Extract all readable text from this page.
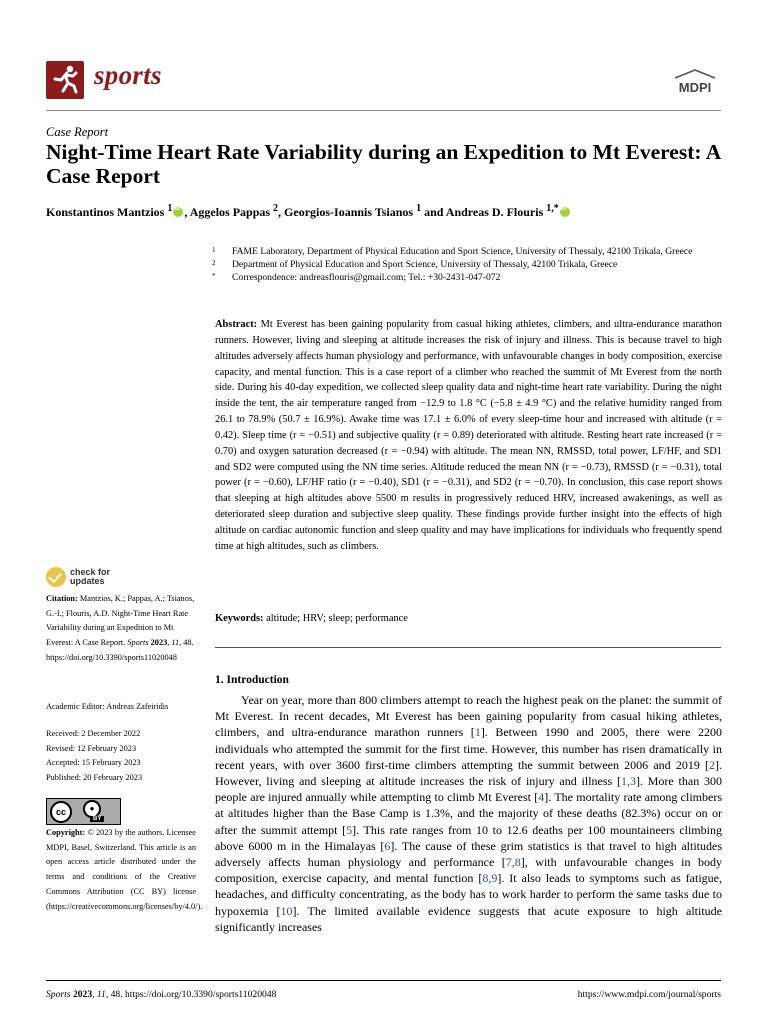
sports	MDPI
Case Report
Night-Time Heart Rate Variability during an Expedition to Mt Everest: A Case Report
Konstantinos Mantzios $^1$iD , Aggelos Pappas $^2$, Georgios-Ioannis Tsianos $^1$ and Andreas D. Flouris $^{1,*}$iD
1 FAME Laboratory, Department of Physical Education and Sport Science, University of Thessaly, 42100 Trikala, Greece
2 Department of Physical Education and Sport Science, University of Thessaly, 42100 Trikala, Greece
* Correspondence: andreasflouris@gmail.com; Tel.: +30-2431-047-072
Abstract: Mt Everest has been gaining popularity from casual hiking athletes, climbers, and ultra-endurance marathon runners. However, living and sleeping at altitude increases the risk of injury and illness. This is because travel to high altitudes adversely affects human physiology and performance, with unfavourable changes in body composition, exercise capacity, and mental function. This is a case report of a climber who reached the summit of Mt Everest from the north side. During his 40-day expedition, we collected sleep quality data and night-time heart rate variability. During the night inside the tent, the air temperature ranged from −12.9 to 1.8 °C (−5.8 ± 4.9 °C) and the relative humidity ranged from 26.1 to 78.9% (50.7 ± 16.9%). Awake time was 17.1 ± 6.0% of every sleep-time hour and increased with altitude (r = 0.42). Sleep time (r = −0.51) and subjective quality (r = 0.89) deteriorated with altitude. Resting heart rate increased (r = 0.70) and oxygen saturation decreased (r = −0.94) with altitude. The mean NN, RMSSD, total power, LF/HF, and SD1 and SD2 were computed using the NN time series. Altitude reduced the mean NN (r = −0.73), RMSSD (r = −0.31), total power (r = −0.60), LF/HF ratio (r = −0.40), SD1 (r = −0.31), and SD2 (r = −0.70). In conclusion, this case report shows that sleeping at high altitudes above 5500 m results in progressively reduced HRV, increased awakenings, as well as deteriorated sleep duration and subjective sleep quality. These findings provide further insight into the effects of high altitude on cardiac autonomic function and sleep quality and may have implications for individuals who frequently spend time at high altitudes, such as climbers.
Keywords: altitude; HRV; sleep; performance
1. Introduction
Year on year, more than 800 climbers attempt to reach the highest peak on the planet: the summit of Mt Everest. In recent decades, Mt Everest has been gaining popularity from casual hiking athletes, climbers, and ultra-endurance marathon runners [1]. Between 1990 and 2005, there were 2200 individuals who attempted the summit for the first time. However, this number has risen dramatically in recent years, with over 3600 first-time climbers attempting the summit between 2006 and 2019 [2]. However, living and sleeping at altitude increases the risk of injury and illness [1,3]. More than 300 people are injured annually while attempting to climb Mt Everest [4]. The mortality rate among climbers at altitudes higher than the Base Camp is 1.3%, and the majority of these deaths (82.3%) occur on or after the summit attempt [5]. This rate ranges from 10 to 12.6 deaths per 100 mountaineers climbing above 6000 m in the Himalayas [6]. The cause of these grim statistics is that travel to high altitudes adversely affects human physiology and performance [7,8], with unfavourable changes in body composition, exercise capacity, and mental function [8,9]. It also leads to symptoms such as fatigue, headaches, and difficulty concentrating, as the body has to work harder to perform the same tasks due to hypoxemia [10]. The limited available evidence suggests that acute exposure to high altitude significantly increases
check for
updates
Citation: Mantzios, K.; Pappas, A.; Tsianos, G.-I.; Flouris, A.D. Night-Time Heart Rate Variability during an Expedition to Mt Everest: A Case Report. Sports 2023, 11, 48. https://doi.org/10.3390/sports11020048
Academic Editor: Andreas Zafeiridis
Received: 2 December 2022
Revised: 12 February 2023
Accepted: 15 February 2023
Published: 20 February 2023
cc	●
BY
Copyright: © 2023 by the authors. Licensee MDPI, Basel, Switzerland. This article is an open access article distributed under the terms and conditions of the Creative Commons Attribution (CC BY) license (https://creativecommons.org/licenses/by/4.0/).
Sports 2023, 11, 48. https://doi.org/10.3390/sports11020048	https://www.mdpi.com/journal/sports
